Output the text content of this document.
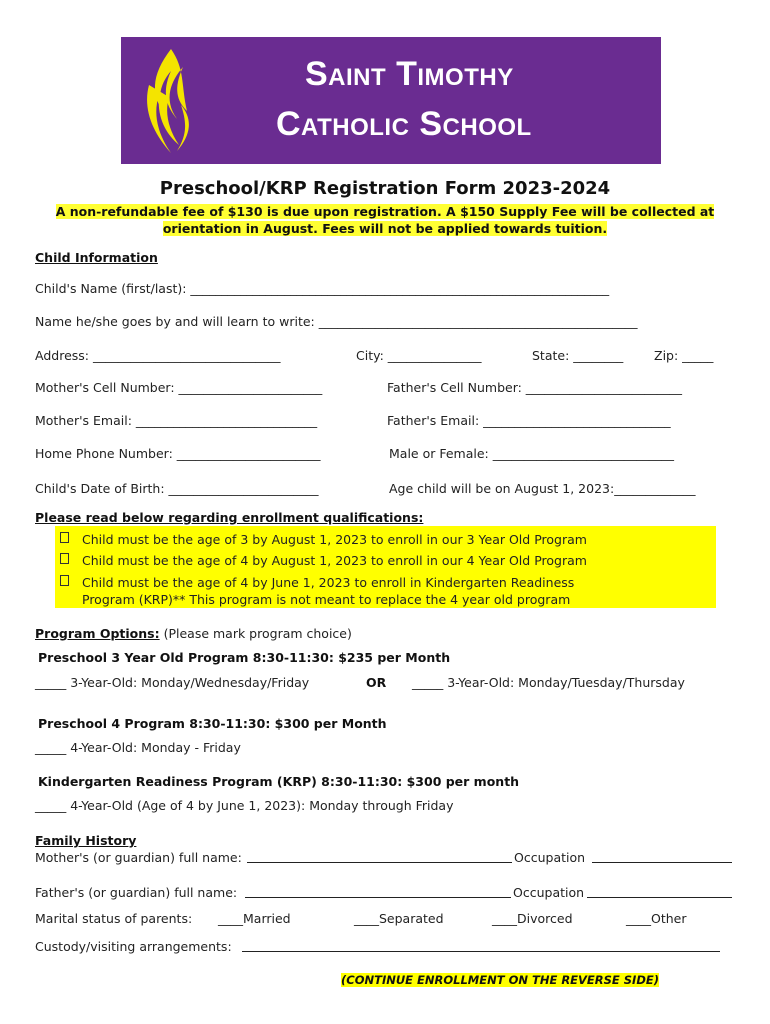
Saint Timothy
Catholic School
Preschool/KRP Registration Form 2023-2024
A non-refundable fee of $130 is due upon registration. A $150 Supply Fee will be collected at
orientation in August. Fees will not be applied towards tuition.
Child Information
Child's Name (first/last): ___________________________________________________________________
Name he/she goes by and will learn to write: ___________________________________________________
Address: ______________________________	City: _______________	State: ________ Zip: _____
Mother's Cell Number: _______________________	Father's Cell Number: _________________________
Mother's Email: _____________________________	Father's Email: ______________________________
Home Phone Number: _______________________	Male or Female: _____________________________
Child's Date of Birth: ________________________	Age child will be on August 1, 2023:_____________
Please read below regarding enrollment qualifications:
Child must be the age of 3 by August 1, 2023 to enroll in our 3 Year Old Program
Child must be the age of 4 by August 1, 2023 to enroll in our 4 Year Old Program
Child must be the age of 4 by June 1, 2023 to enroll in Kindergarten Readiness
Program (KRP)** This program is not meant to replace the 4 year old program
Program Options: (Please mark program choice)
Preschool 3 Year Old Program 8:30-11:30: $235 per Month
_____ 3-Year-Old: Monday/Wednesday/Friday	OR _____ 3-Year-Old: Monday/Tuesday/Thursday
Preschool 4 Program 8:30-11:30: $300 per Month
_____ 4-Year-Old: Monday - Friday
Kindergarten Readiness Program (KRP) 8:30-11:30: $300 per month
_____ 4-Year-Old (Age of 4 by June 1, 2023): Monday through Friday
Family History
Mother's (or guardian) full name:	Occupation
Father's (or guardian) full name:	Occupation
Marital status of parents: ____Married	____Separated	____Divorced	____Other
Custody/visiting arrangements:
(CONTINUE ENROLLMENT ON THE REVERSE SIDE)
